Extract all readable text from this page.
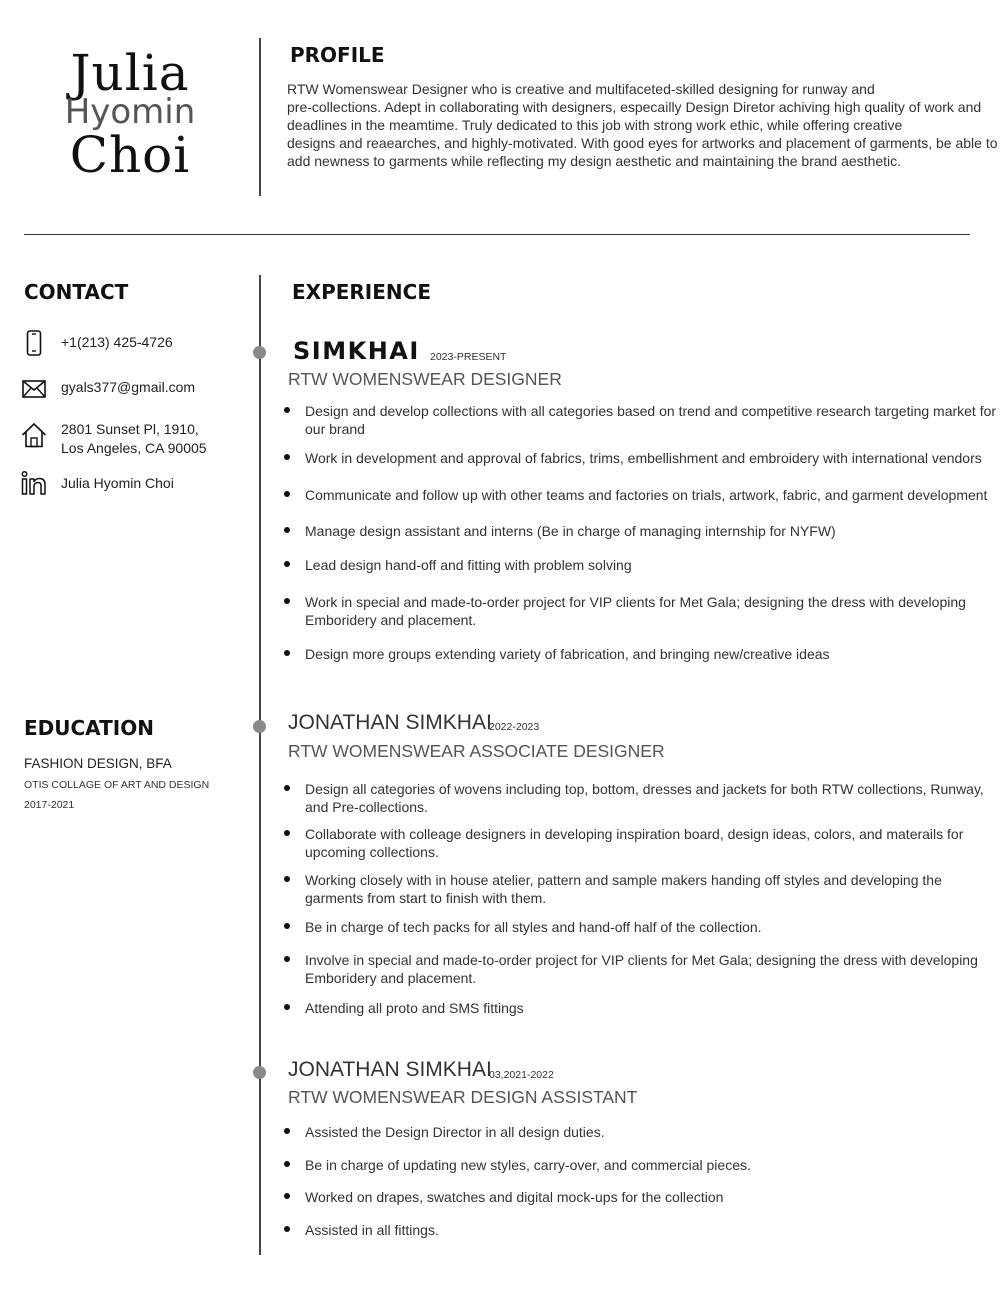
Julia
Hyomin
Choi
PROFILE
RTW Womenswear Designer who is creative and multifaceted-skilled designing for runway and
pre-collections. Adept in collaborating with designers, especailly Design Diretor achiving high quality of work and
deadlines in the meamtime. Truly dedicated to this job with strong work ethic, while offering creative
designs and reaearches, and highly-motivated. With good eyes for artworks and placement of garments, be able to
add newness to garments while reflecting my design aesthetic and maintaining the brand aesthetic.
CONTACT
+1(213) 425-4726
gyals377@gmail.com
2801 Sunset Pl, 1910,
Los Angeles, CA 90005
Julia Hyomin Choi
EDUCATION
FASHION DESIGN, BFA
OTIS COLLAGE OF ART AND DESIGN
2017-2021
EXPERIENCE
SIMKHAI 2023-PRESENT
RTW WOMENSWEAR DESIGNER
Design and develop collections with all categories based on trend and competitive research targeting market for our brand
Work in development and approval of fabrics, trims, embellishment and embroidery with international vendors
Communicate and follow up with other teams and factories on trials, artwork, fabric, and garment development
Manage design assistant and interns (Be in charge of managing internship for NYFW)
Lead design hand-off and fitting with problem solving
Work in special and made-to-order project for VIP clients for Met Gala; designing the dress with developing Emboridery and placement.
Design more groups extending variety of fabrication, and bringing new/creative ideas
JONATHAN SIMKHAI
2022-2023
RTW WOMENSWEAR ASSOCIATE DESIGNER
Design all categories of wovens including top, bottom, dresses and jackets for both RTW collections, Runway, and Pre-collections.
Collaborate with colleage designers in developing inspiration board, design ideas, colors, and materails for upcoming collections.
Working closely with in house atelier, pattern and sample makers handing off styles and developing the garments from start to finish with them.
Be in charge of tech packs for all styles and hand-off half of the collection.
Involve in special and made-to-order project for VIP clients for Met Gala; designing the dress with developing Emboridery and placement.
Attending all proto and SMS fittings
JONATHAN SIMKHAI
03,2021-2022
RTW WOMENSWEAR DESIGN ASSISTANT
Assisted the Design Director in all design duties.
Be in charge of updating new styles, carry-over, and commercial pieces.
Worked on drapes, swatches and digital mock-ups for the collection
Assisted in all fittings.
